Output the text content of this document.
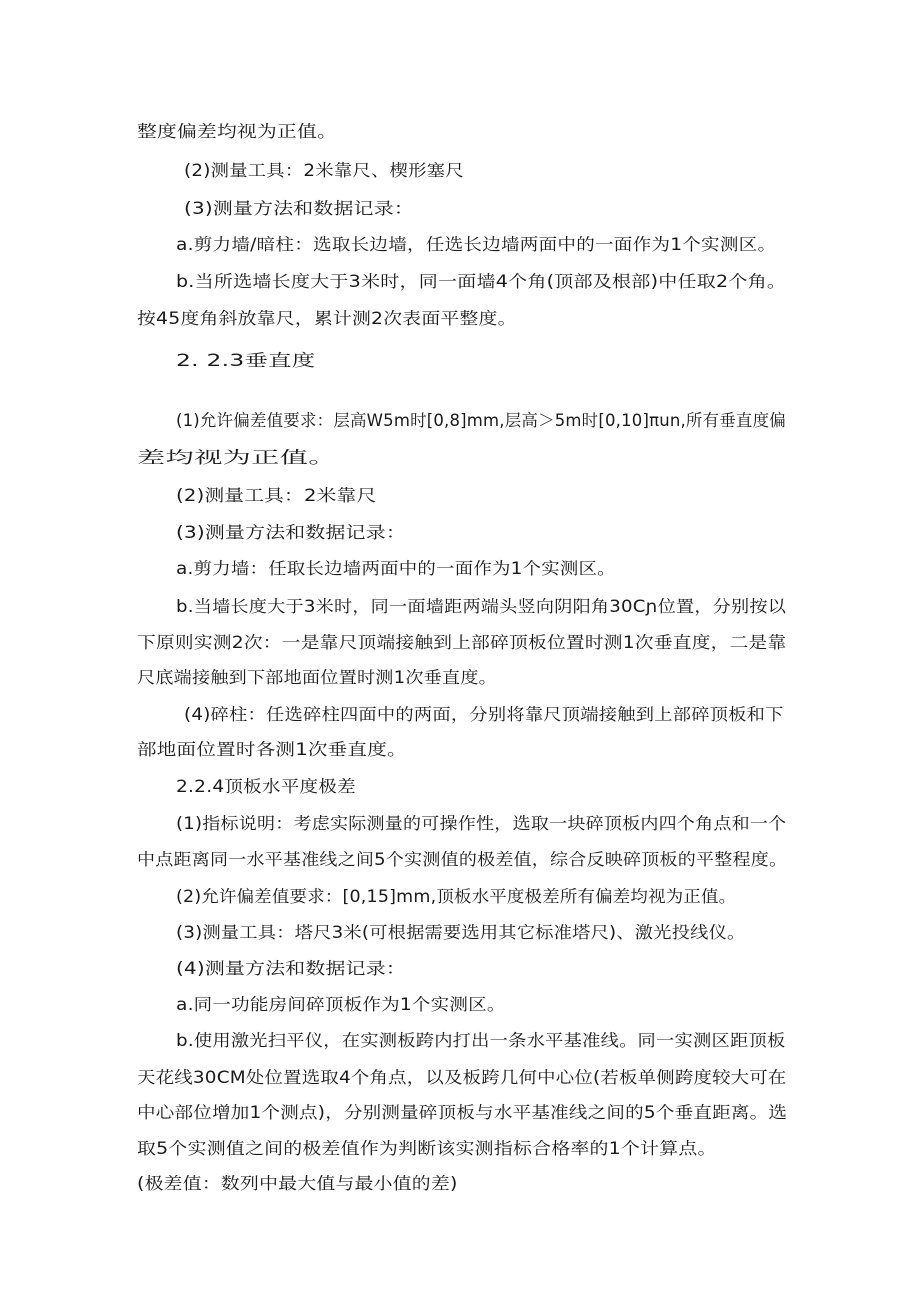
整度偏差均视为正值。
(2)测量工具：2米靠尺、楔形塞尺
(3)测量方法和数据记录：
a.剪力墙/暗柱：选取长边墙，任选长边墙两面中的一面作为1个实测区。
b.当所选墙长度大于3米时，同一面墙4个角(顶部及根部)中任取2个角。
按45度角斜放靠尺，累计测2次表面平整度。
2. 2.3垂直度
(1)允许偏差值要求：层高W5m时[0,8]mm,层高＞5m时[0,10]πun,所有垂直度偏
差均视为正值。
(2)测量工具：2米靠尺
(3)测量方法和数据记录：
a.剪力墙：任取长边墙两面中的一面作为1个实测区。
b.当墙长度大于3米时，同一面墙距两端头竖向阴阳角30Cɲ位置，分别按以
下原则实测2次：一是靠尺顶端接触到上部碎顶板位置时测1次垂直度，二是靠
尺底端接触到下部地面位置时测1次垂直度。
(4)碎柱：任选碎柱四面中的两面，分别将靠尺顶端接触到上部碎顶板和下
部地面位置时各测1次垂直度。
2.2.4顶板水平度极差
(1)指标说明：考虑实际测量的可操作性，选取一块碎顶板内四个角点和一个
中点距离同一水平基准线之间5个实测值的极差值，综合反映碎顶板的平整程度。
(2)允许偏差值要求：[0,15]mm,顶板水平度极差所有偏差均视为正值。
(3)测量工具：塔尺3米(可根据需要选用其它标准塔尺)、激光投线仪。
(4)测量方法和数据记录：
a.同一功能房间碎顶板作为1个实测区。
b.使用激光扫平仪，在实测板跨内打出一条水平基准线。同一实测区距顶板
天花线30CM处位置选取4个角点，以及板跨几何中心位(若板单侧跨度较大可在
中心部位增加1个测点)，分别测量碎顶板与水平基准线之间的5个垂直距离。选
取5个实测值之间的极差值作为判断该实测指标合格率的1个计算点。
(极差值：数列中最大值与最小值的差)
